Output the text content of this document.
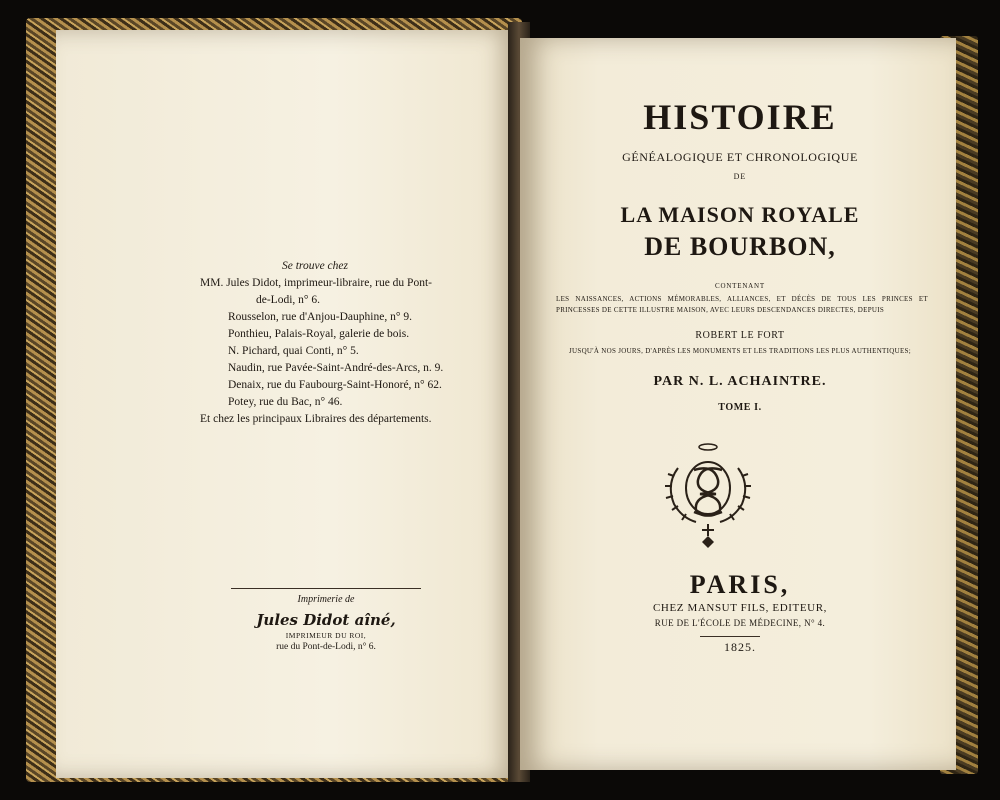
Se trouve chez
MM. Jules Didot, imprimeur-libraire, rue du Pont-
de-Lodi, n° 6.
Rousselon, rue d'Anjou-Dauphine, n° 9.
Ponthieu, Palais-Royal, galerie de bois.
N. Pichard, quai Conti, n° 5.
Naudin, rue Pavée-Saint-André-des-Arcs, n. 9.
Denaix, rue du Faubourg-Saint-Honoré, n° 62.
Potey, rue du Bac, n° 46.
Et chez les principaux Libraires des départements.
Imprimerie de
Jules Didot aîné,
IMPRIMEUR DU ROI,
rue du Pont-de-Lodi, n° 6.
HISTOIRE
GÉNÉALOGIQUE ET CHRONOLOGIQUE
DE
LA MAISON ROYALE
DE BOURBON,
CONTENANT
LES NAISSANCES, ACTIONS MÉMORABLES, ALLIANCES, ET DÉCÈS DE TOUS LES PRINCES ET PRINCESSES DE CETTE ILLUSTRE MAISON, AVEC LEURS DESCENDANCES DIRECTES, DEPUIS
ROBERT LE FORT
JUSQU'À NOS JOURS, D'APRÈS LES MONUMENTS ET LES TRADITIONS LES PLUS AUTHENTIQUES;
PAR N. L. ACHAINTRE.
TOME I.
PARIS,
CHEZ MANSUT FILS, EDITEUR,
RUE DE L'ÉCOLE DE MÉDECINE, N° 4.
1825.
